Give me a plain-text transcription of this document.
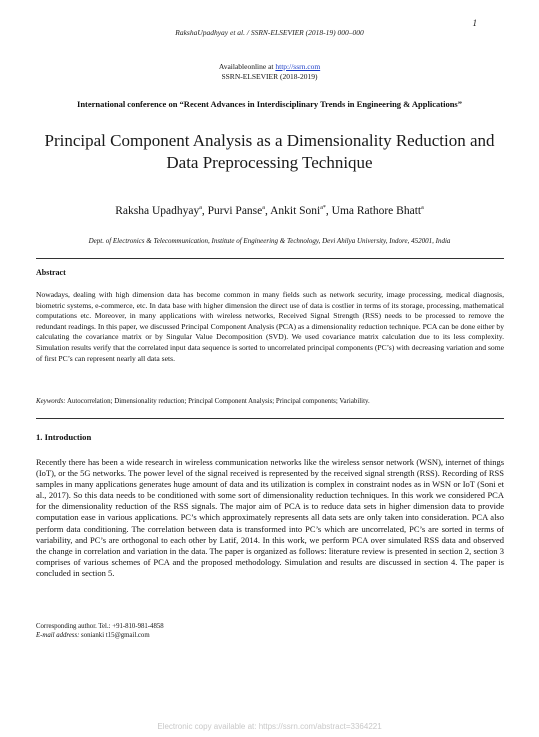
1
RakshaUpadhyay et al. / SSRN-ELSEVIER (2018-19) 000–000
Availableonline at http://ssrn.com
SSRN-ELSEVIER (2018-2019)
International conference on “Recent Advances in Interdisciplinary Trends in Engineering & Applications”
Principal Component Analysis as a Dimensionality Reduction and Data Preprocessing Technique
Raksha Upadhyay$^a$, Purvi Panse$^a$, Ankit Soni$^{a*}$, Uma Rathore Bhatt$^a$
Dept. of Electronics & Telecommunication, Institute of Engineering & Technology, Devi Ahilya University, Indore, 452001, India
Abstract
Nowadays, dealing with high dimension data has become common in many fields such as network security, image processing, medical diagnosis, biometric systems, e-commerce, etc. In data base with higher dimension the direct use of data is costlier in terms of its storage, processing, mathematical computations etc. Moreover, in many applications with wireless networks, Received Signal Strength (RSS) needs to be processed to remove the redundant readings. In this paper, we discussed Principal Component Analysis (PCA) as a dimensionality reduction technique. PCA can be done either by calculating the covariance matrix or by Singular Value Decomposition (SVD). We used covariance matrix calculation due to its less complexity. Simulation results verify that the correlated input data sequence is sorted to uncorrelated principal components (PC’s) with decreasing variation and some of first PC’s can represent nearly all data sets.
Keywords: Autocorrelation; Dimensionality reduction; Principal Component Analysis; Principal components; Variability.
1. Introduction
Recently there has been a wide research in wireless communication networks like the wireless sensor network (WSN), internet of things (IoT), or the 5G networks. The power level of the signal received is represented by the received signal strength (RSS). Recording of RSS samples in many applications generates huge amount of data and its utilization is complex in constraint nodes as in WSN or IoT (Soni et al., 2017). So this data needs to be conditioned with some sort of dimensionality reduction techniques. In this work we considered PCA for the dimensionality reduction of the RSS signals. The major aim of PCA is to reduce data sets in higher dimension data to provide computation ease in various applications. PC’s which approximately represents all data sets are only taken into consideration. PCA also perform data conditioning. The correlation between data is transformed into PC’s which are uncorrelated, PC’s are sorted in terms of variability, and PC’s are orthogonal to each other by Latif, 2014. In this work, we perform PCA over simulated RSS data and observed the change in correlation and variation in the data. The paper is organized as follows: literature review is presented in section 2, section 3 comprises of various schemes of PCA and the proposed methodology. Simulation and results are discussed in section 4. The paper is concluded in section 5.
Corresponding author. Tel.: +91-810-981-4858
E-mail address: sonianki t15@gmail.com
Electronic copy available at: https://ssrn.com/abstract=3364221
